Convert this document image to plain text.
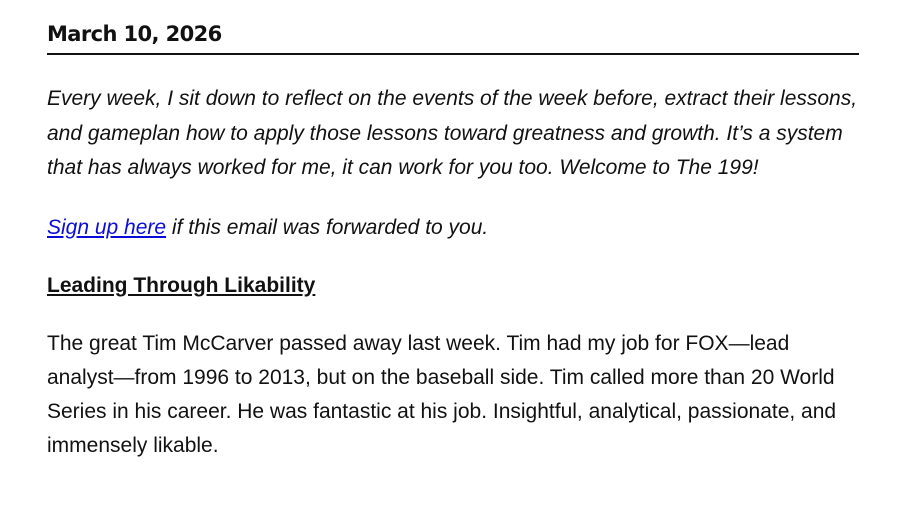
March 10, 2026

Every week, I sit down to reflect on the events of the week before, extract their lessons, and gameplan how to apply those lessons toward greatness and growth. It’s a system that has always worked for me, it can work for you too. Welcome to The 199!

Sign up here if this email was forwarded to you.

Leading Through Likability

The great Tim McCarver passed away last week. Tim had my job for FOX—lead analyst—from 1996 to 2013, but on the baseball side. Tim called more than 20 World Series in his career. He was fantastic at his job. Insightful, analytical, passionate, and immensely likable.
